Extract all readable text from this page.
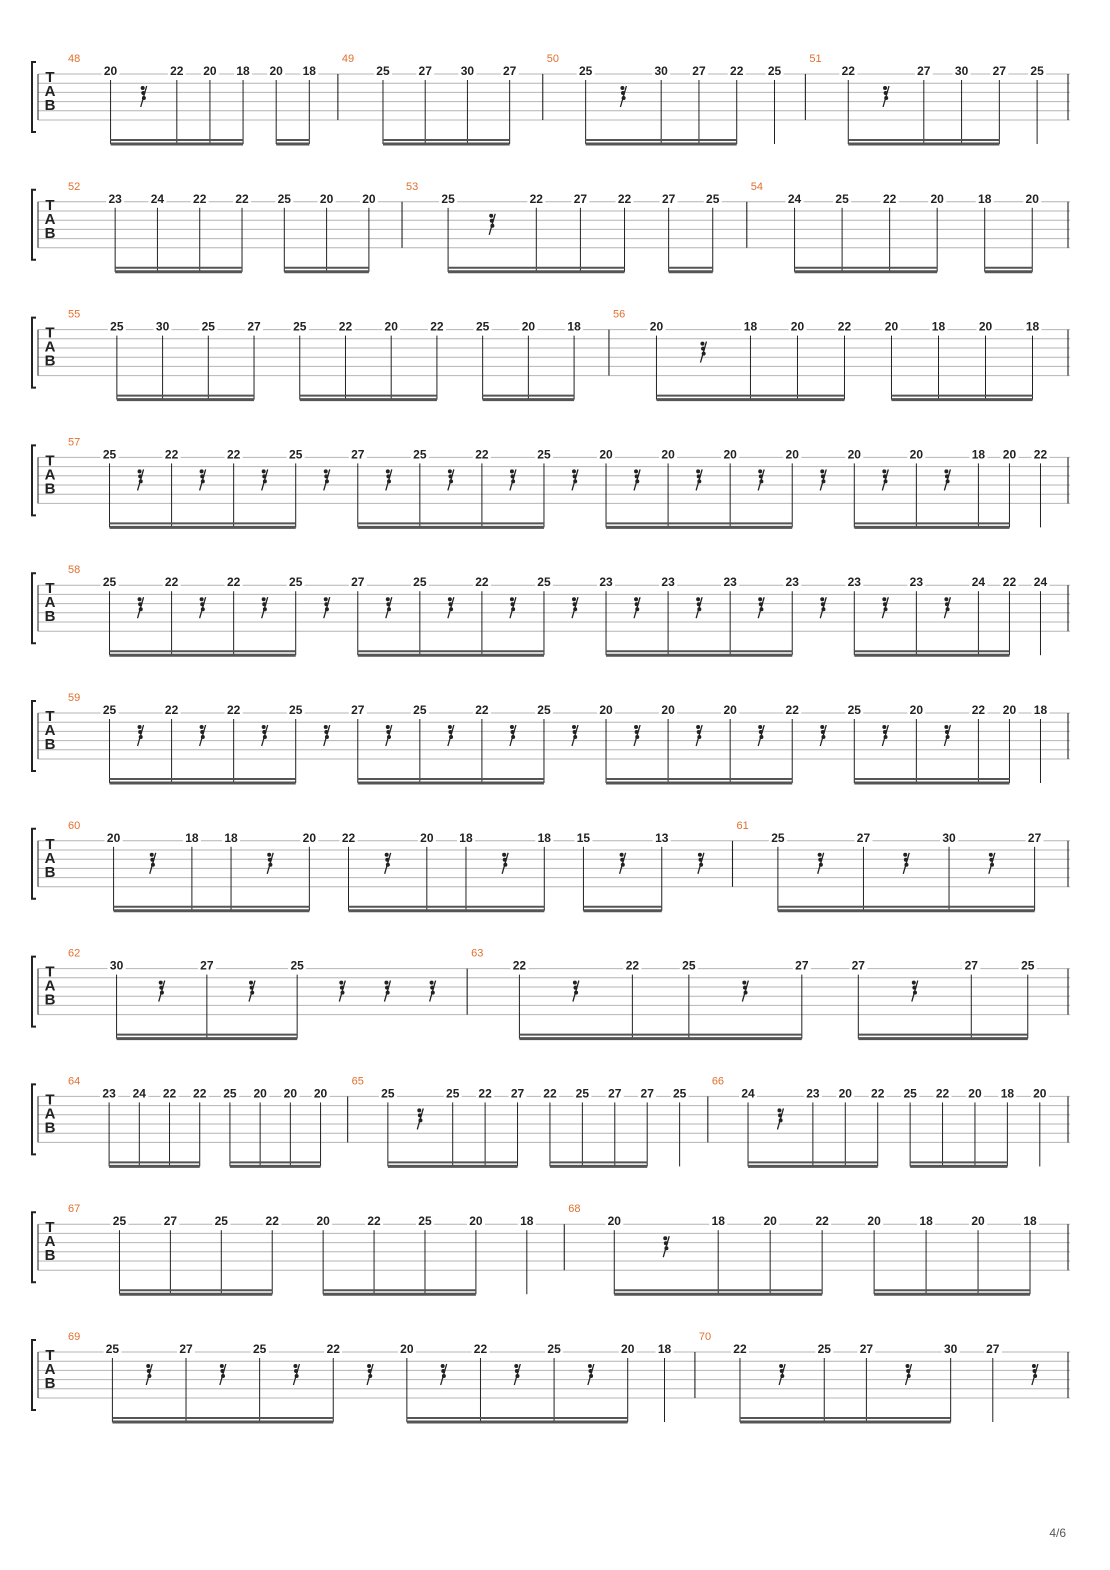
T
A
B
48
20	22 20 18 20 18
49
25 27 30 27
50
25	30 27 22 25
51
22	27 30 27 25
T
A
B
52
23 24 22 22 25 20 20
53
25	22	27	22	27	25
54
24	25	22	20	18	20
T
A
B
55
25	30	25	27	25	22	20	22	25	20	18
56
20	18	20	22	20	18	20	18
T
A
B
57
25	22	22	25	27	25	22	25	20	20	20	20	20	20	18 20 22
T
A
B
58
25	22	22	25	27	25	22	25	23	23	23	23	23	23	24 22 24
T
A
B
59
25	22	22	25	27	25	22	25	20	20	20	22	25	20	22 20 18
T
A
B
60
20	18 18	20 22	20 18	18 15	13
61
25	27	30	27
T
A
B
62
30	27	25
63
22	22	25	27	27	27	25
T
A
B
64
23 24 22 22 25 20 20 20
65
25	25 22 27 22 25 27 27 25
66
24	23 20 22 25 22 20 18 20
T
A
B
67
25	27	25	22	20	22	25	20	18
68
20	18	20	22	20	18	20	18
T
A
B
69
25	27	25	22	20	22	25	20 18
70
22	25 27	30 27
4/6
